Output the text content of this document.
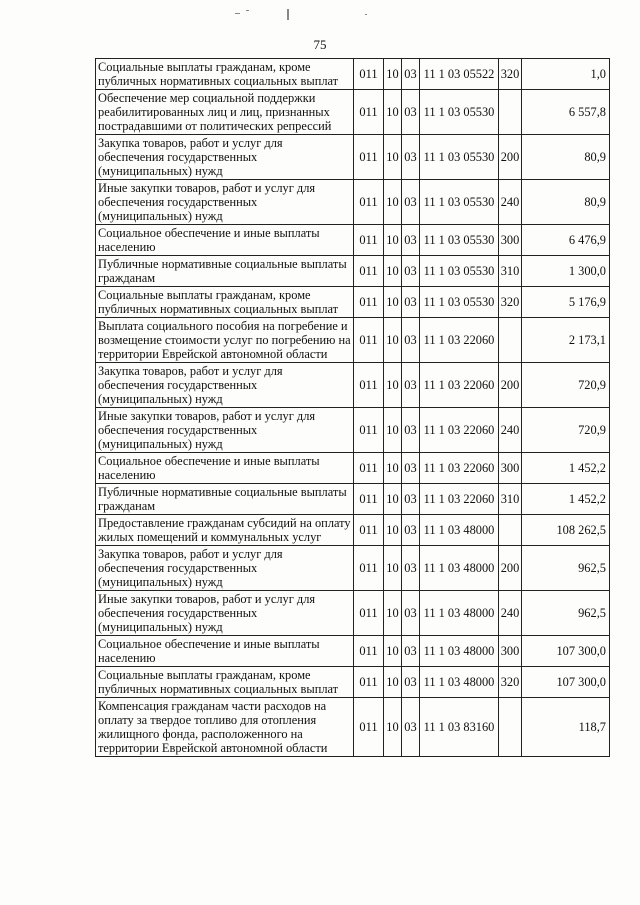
75
Социальные выплаты гражданам, кроме публичных нормативных социальных выплат	011	10	03	11 1 03 05522	320	1,0
Обеспечение мер социальной поддержки реабилитированных лиц и лиц, признанных пострадавшими от политических репрессий	011	10	03	11 1 03 05530		6 557,8
Закупка товаров, работ и услуг для обеспечения государственных (муниципальных) нужд	011	10	03	11 1 03 05530	200	80,9
Иные закупки товаров, работ и услуг для обеспечения государственных (муниципальных) нужд	011	10	03	11 1 03 05530	240	80,9
Социальное обеспечение и иные выплаты населению	011	10	03	11 1 03 05530	300	6 476,9
Публичные нормативные социальные выплаты гражданам	011	10	03	11 1 03 05530	310	1 300,0
Социальные выплаты гражданам, кроме публичных нормативных социальных выплат	011	10	03	11 1 03 05530	320	5 176,9
Выплата социального пособия на погребение и возмещение стоимости услуг по погребению на территории Еврейской автономной области	011	10	03	11 1 03 22060		2 173,1
Закупка товаров, работ и услуг для обеспечения государственных (муниципальных) нужд	011	10	03	11 1 03 22060	200	720,9
Иные закупки товаров, работ и услуг для обеспечения государственных (муниципальных) нужд	011	10	03	11 1 03 22060	240	720,9
Социальное обеспечение и иные выплаты населению	011	10	03	11 1 03 22060	300	1 452,2
Публичные нормативные социальные выплаты гражданам	011	10	03	11 1 03 22060	310	1 452,2
Предоставление гражданам субсидий на оплату жилых помещений и коммунальных услуг	011	10	03	11 1 03 48000		108 262,5
Закупка товаров, работ и услуг для обеспечения государственных (муниципальных) нужд	011	10	03	11 1 03 48000	200	962,5
Иные закупки товаров, работ и услуг для обеспечения государственных (муниципальных) нужд	011	10	03	11 1 03 48000	240	962,5
Социальное обеспечение и иные выплаты населению	011	10	03	11 1 03 48000	300	107 300,0
Социальные выплаты гражданам, кроме публичных нормативных социальных выплат	011	10	03	11 1 03 48000	320	107 300,0
Компенсация гражданам части расходов на оплату за твердое топливо для отопления жилищного фонда, расположенного на территории Еврейской автономной области	011	10	03	11 1 03 83160		118,7
